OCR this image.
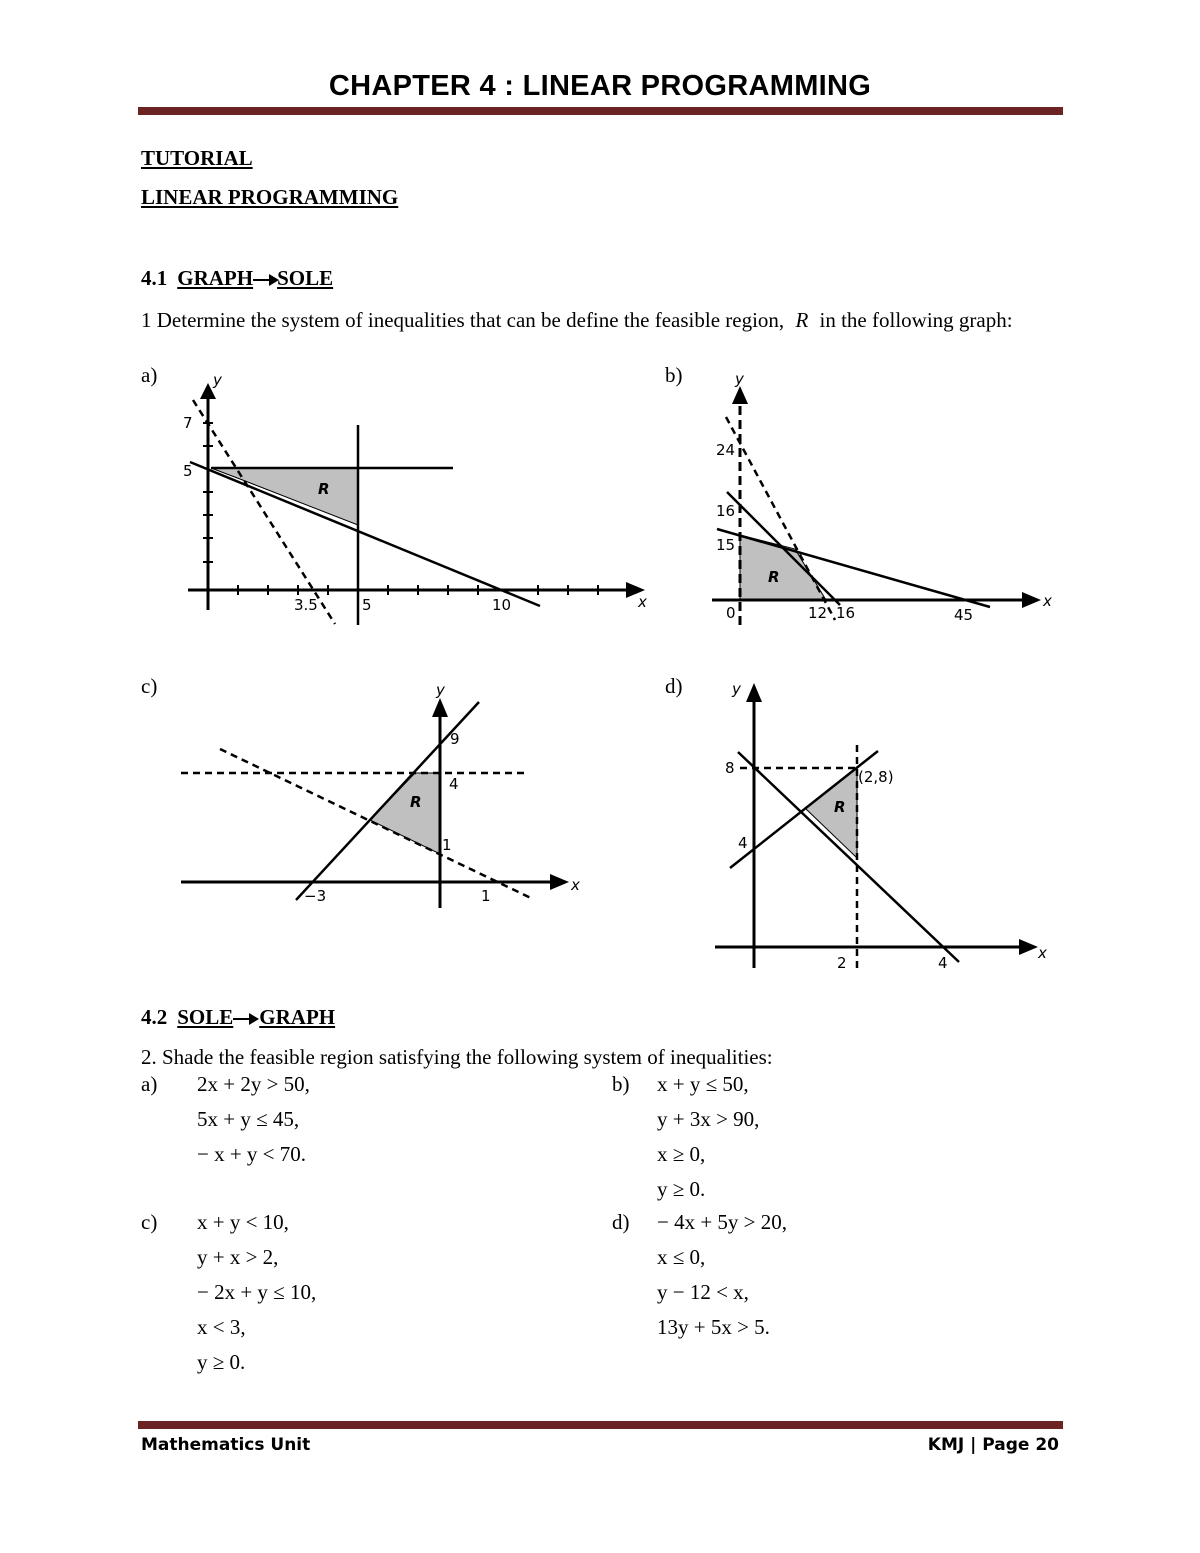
CHAPTER 4 : LINEAR PROGRAMMING
TUTORIAL
LINEAR PROGRAMMING
4.1 GRAPH SOLE
1 Determine the system of inequalities that can be define the feasible region, R in the following graph:
a)	b)
c)	d)
y
x
R
7
5
3.5	5	10
y
x
R
24
16
15
0	12 16	45
y
x
R
9
4
1
−3	1
y
x
R
8
4
(2,8)
2	4
4.2 SOLE GRAPH
2. Shade the feasible region satisfying the following system of inequalities:
a) 2x + 2y > 50,
5x + y ≤ 45,
− x + y < 70.
b) x + y ≤ 50,
y + 3x > 90,
x ≥ 0,
y ≥ 0.
c) x + y < 10,
y + x > 2,
− 2x + y ≤ 10,
x < 3,
y ≥ 0.
d) − 4x + 5y > 20,
x ≤ 0,
y − 12 < x,
13y + 5x > 5.
Mathematics Unit	KMJ | Page 20
